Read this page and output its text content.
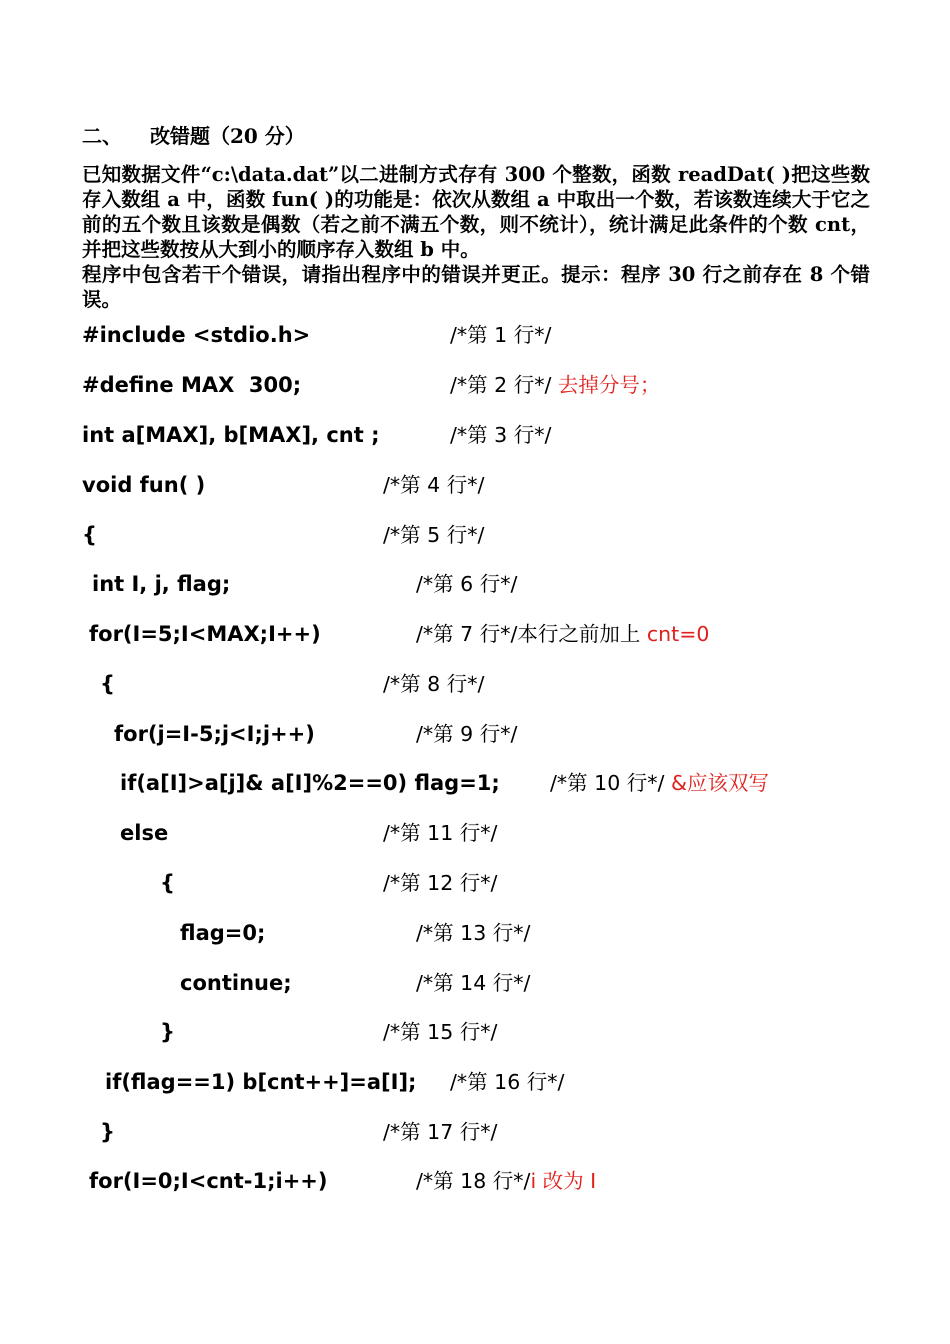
二、 改错题（20 分）

已知数据文件“c:\data.dat”以二进制方式存有 300 个整数，函数 readDat( )把这些数存入数组 a 中，函数 fun( )的功能是：依次从数组 a 中取出一个数，若该数连续大于它之前的五个数且该数是偶数（若之前不满五个数，则不统计），统计满足此条件的个数 cnt，并把这些数按从大到小的顺序存入数组 b 中。

程序中包含若干个错误，请指出程序中的错误并更正。提示：程序 30 行之前存在 8 个错误。

#include <stdio.h>	/*第 1 行*/
#define MAX  300;	/*第 2 行*/ 去掉分号；
int a[MAX], b[MAX], cnt ;	/*第 3 行*/
void fun( )	/*第 4 行*/
{	/*第 5 行*/
int I, j, flag;	/*第 6 行*/
for(I=5;I<MAX;I++)	/*第 7 行*/本行之前加上 cnt=0
{	/*第 8 行*/
for(j=I-5;j<I;j++)	/*第 9 行*/
if(a[I]>a[j]& a[I]%2==0) flag=1; /*第 10 行*/ &应该双写
else	/*第 11 行*/
{	/*第 12 行*/
flag=0;	/*第 13 行*/
continue;	/*第 14 行*/
}	/*第 15 行*/
if(flag==1) b[cnt++]=a[I]; /*第 16 行*/
}	/*第 17 行*/
for(I=0;I<cnt-1;i++)	/*第 18 行*/i 改为 I
